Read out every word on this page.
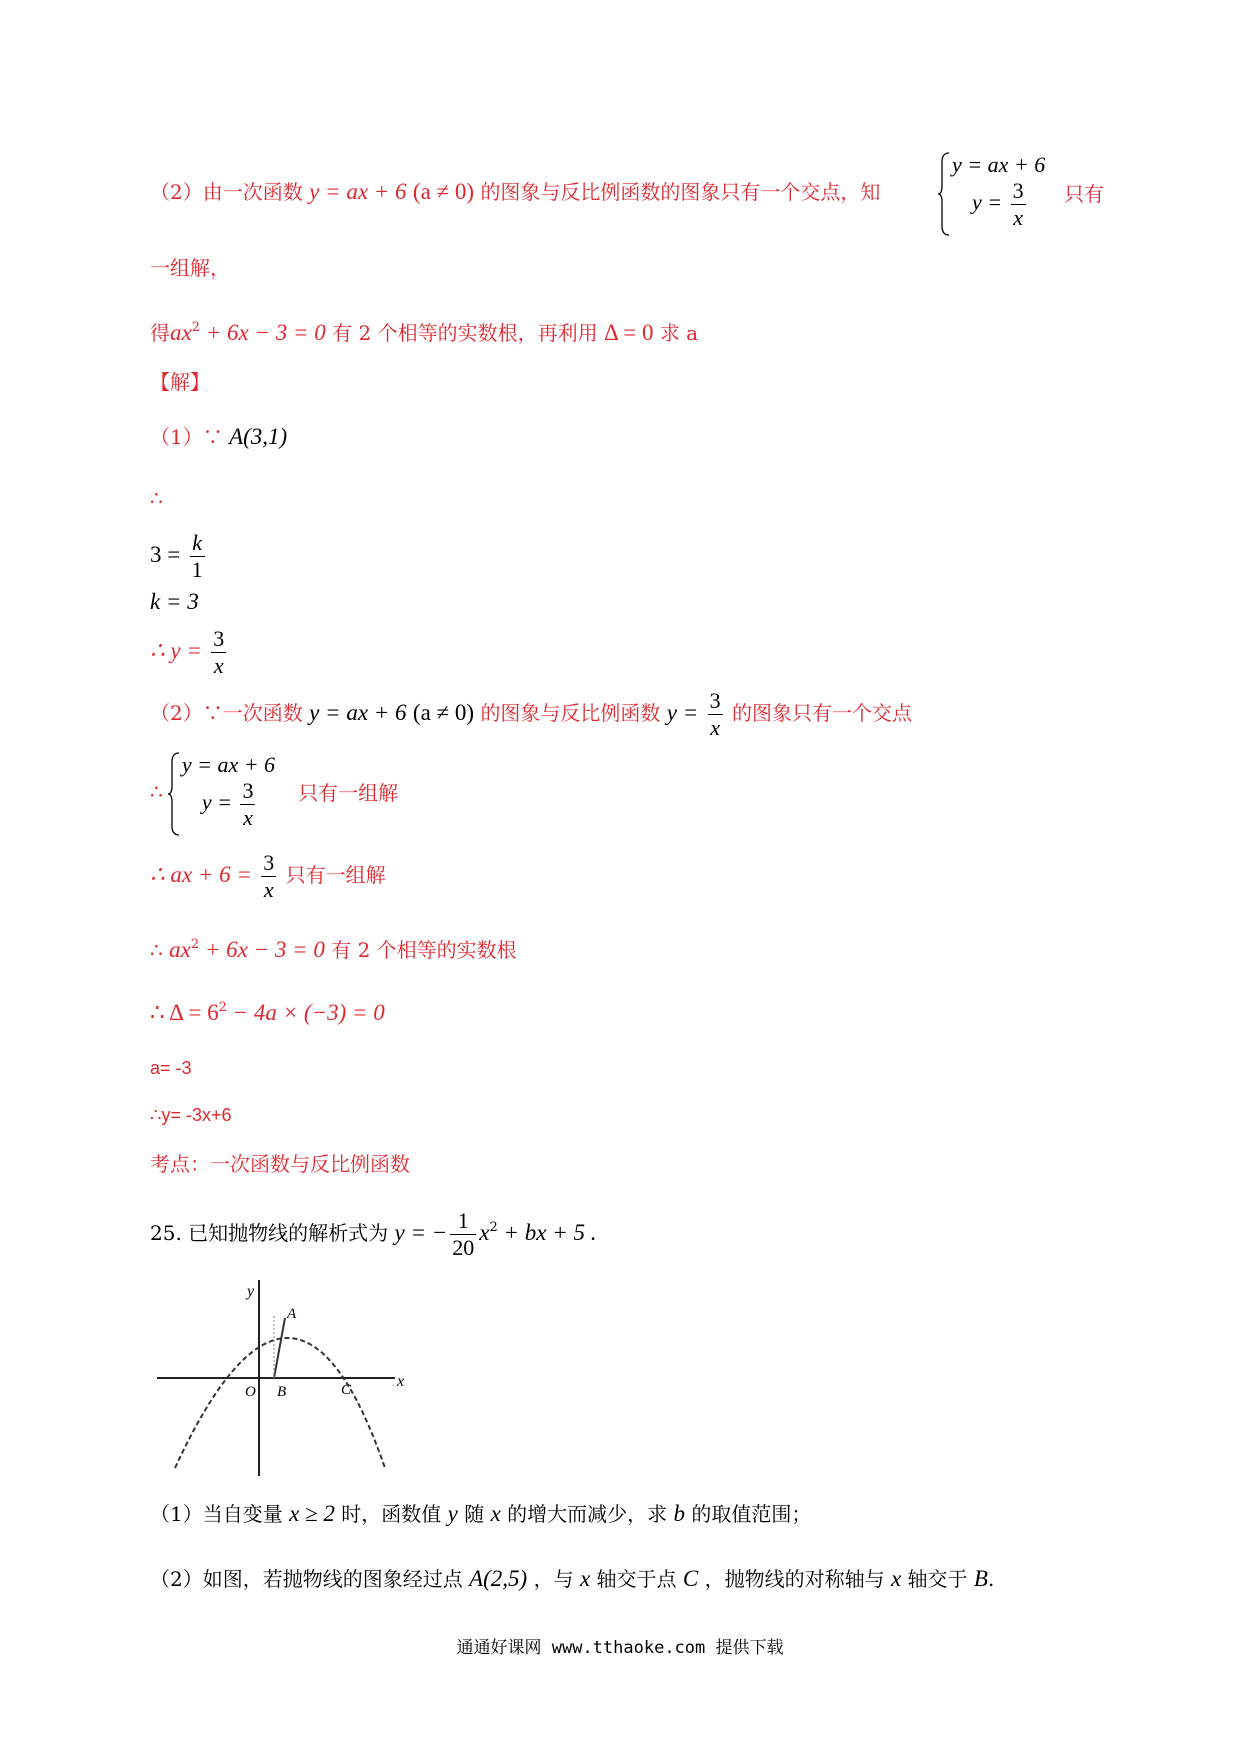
（2）由一次函数 y = ax + 6 (a ≠ 0) 的图象与反比例函数的图象只有一个交点，知
y = ax + 6
$y = \frac{3}{x}$ 只有
一组解，
得$ax^2 + 6x - 3 = 0$ 有 2 个相等的实数根，再利用 Δ = 0 求 a
【解】
（1）∵ A(3,1)
∴
$3 = \frac{k}{1}$
k = 3
∴ $y = \frac{3}{x}$
（2）∵一次函数 y = ax + 6 (a ≠ 0) 的图象与反比例函数 $y = \frac{3}{x}$ 的图象只有一个交点
∴
y = ax + 6
$y = \frac{3}{x}$ 只有一组解
∴ ax + $6 = \frac{3}{x}$ 只有一组解
∴ $ax^2 + 6x - 3 = 0$ 有 2 个相等的实数根
∴ $\Delta = 6^2 - 4a \times (-3) = 0$
a= -3
∴y= -3x+6
考点：一次函数与反比例函数
25. 已知抛物线的解析式为 y = − $\frac{1}{20} x^2$ + bx + 5 .
y
x
O
A
B	C
（1）当自变量 x ≥ 2 时，函数值 y 随 x 的增大而减少，求 b 的取值范围；
（2）如图，若抛物线的图象经过点 A(2,5) ，与 x 轴交于点 C ，抛物线的对称轴与 x 轴交于 B.
通通好课网 www.tthaoke.com 提供下载
